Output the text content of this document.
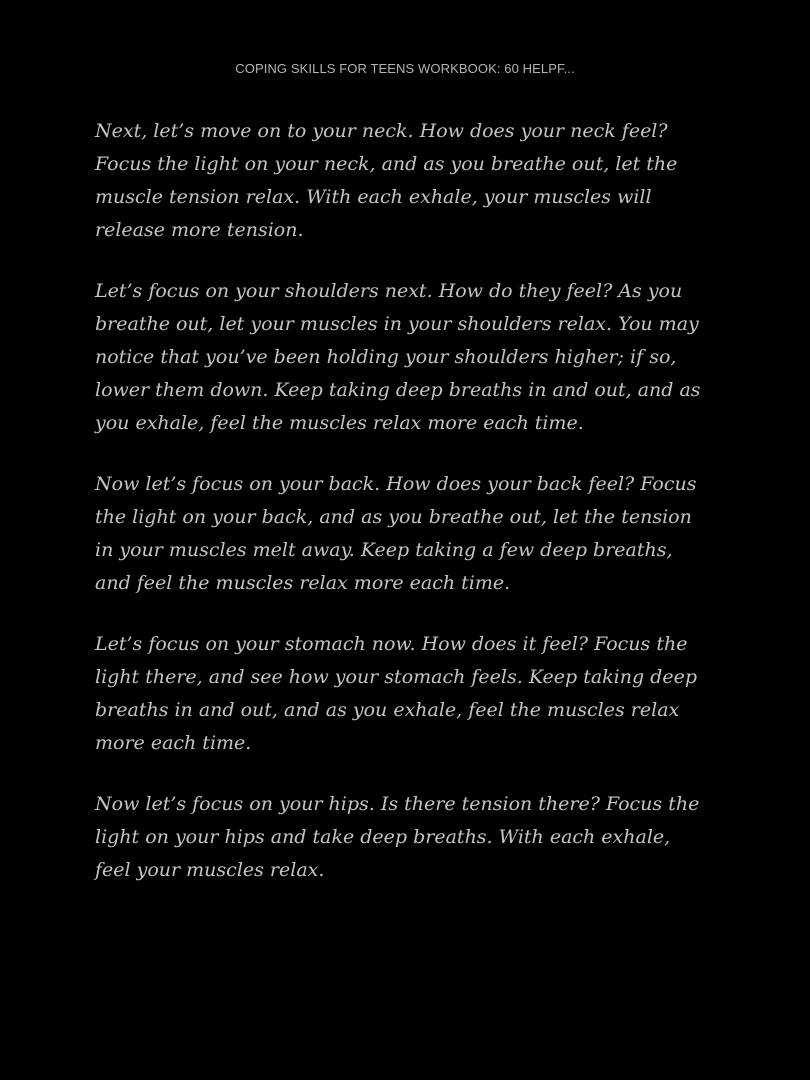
COPING SKILLS FOR TEENS WORKBOOK: 60 HELPF...

Next, let’s move on to your neck. How does your neck feel?
Focus the light on your neck, and as you breathe out, let the
muscle tension relax. With each exhale, your muscles will
release more tension.

Let’s focus on your shoulders next. How do they feel? As you
breathe out, let your muscles in your shoulders relax. You may
notice that you’ve been holding your shoulders higher; if so,
lower them down. Keep taking deep breaths in and out, and as
you exhale, feel the muscles relax more each time.

Now let’s focus on your back. How does your back feel? Focus
the light on your back, and as you breathe out, let the tension
in your muscles melt away. Keep taking a few deep breaths,
and feel the muscles relax more each time.

Let’s focus on your stomach now. How does it feel? Focus the
light there, and see how your stomach feels. Keep taking deep
breaths in and out, and as you exhale, feel the muscles relax
more each time.

Now let’s focus on your hips. Is there tension there? Focus the
light on your hips and take deep breaths. With each exhale,
feel your muscles relax.
